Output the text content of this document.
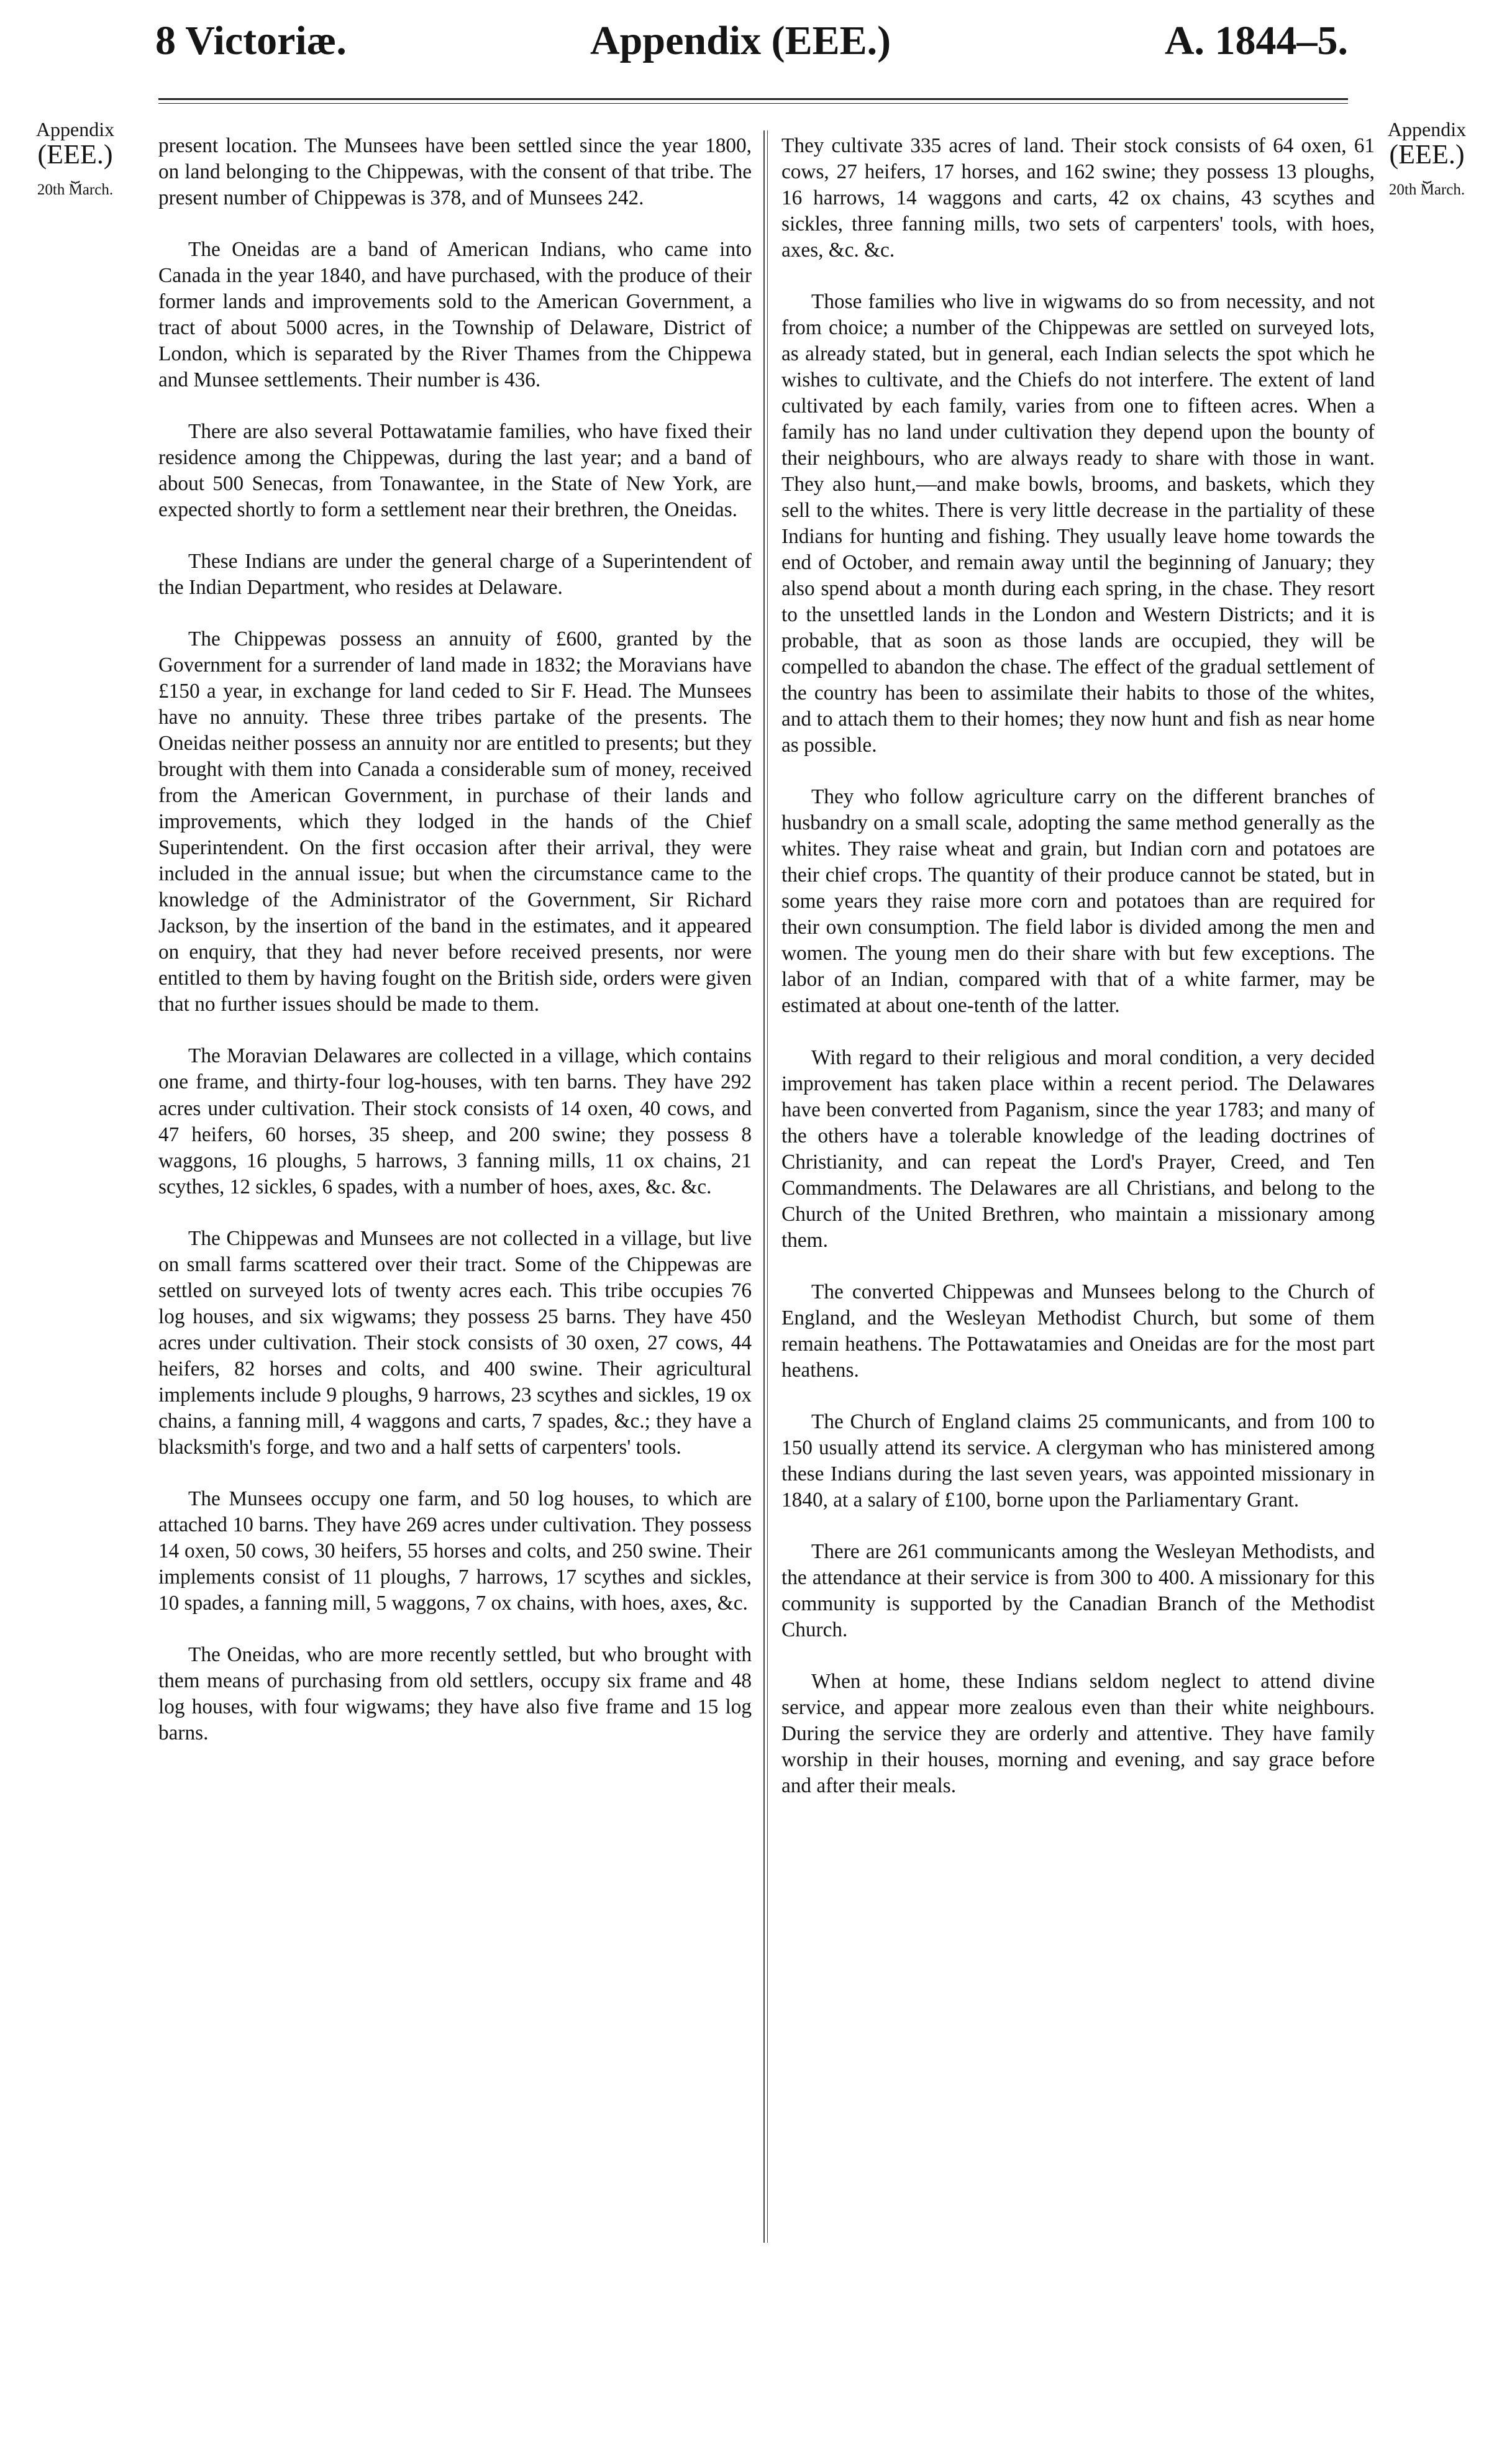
8 Victoriæ.	Appendix (EEE.)	A. 1844–5.
Appendix
(EEE.)
⏟
20th March.
Appendix
(EEE.)
⏟
20th March.

present location. The Munsees have been settled since the year 1800, on land belonging to the Chippewas, with the consent of that tribe. The present number of Chippewas is 378, and of Munsees 242.

The Oneidas are a band of American Indians, who came into Canada in the year 1840, and have purchased, with the produce of their former lands and improvements sold to the American Government, a tract of about 5000 acres, in the Township of Delaware, District of London, which is separated by the River Thames from the Chippewa and Munsee settlements. Their number is 436.

There are also several Pottawatamie families, who have fixed their residence among the Chippewas, during the last year; and a band of about 500 Senecas, from Tonawantee, in the State of New York, are expected shortly to form a settlement near their brethren, the Oneidas.

These Indians are under the general charge of a Superintendent of the Indian Department, who resides at Delaware.

The Chippewas possess an annuity of £600, granted by the Government for a surrender of land made in 1832; the Moravians have £150 a year, in exchange for land ceded to Sir F. Head. The Munsees have no annuity. These three tribes partake of the presents. The Oneidas neither possess an annuity nor are entitled to presents; but they brought with them into Canada a considerable sum of money, received from the American Government, in purchase of their lands and improvements, which they lodged in the hands of the Chief Superintendent. On the first occasion after their arrival, they were included in the annual issue; but when the circumstance came to the knowledge of the Administrator of the Government, Sir Richard Jackson, by the insertion of the band in the estimates, and it appeared on enquiry, that they had never before received presents, nor were entitled to them by having fought on the British side, orders were given that no further issues should be made to them.

The Moravian Delawares are collected in a village, which contains one frame, and thirty-four log-houses, with ten barns. They have 292 acres under cultivation. Their stock consists of 14 oxen, 40 cows, and 47 heifers, 60 horses, 35 sheep, and 200 swine; they possess 8 waggons, 16 ploughs, 5 harrows, 3 fanning mills, 11 ox chains, 21 scythes, 12 sickles, 6 spades, with a number of hoes, axes, &c. &c.

The Chippewas and Munsees are not collected in a village, but live on small farms scattered over their tract. Some of the Chippewas are settled on surveyed lots of twenty acres each. This tribe occupies 76 log houses, and six wigwams; they possess 25 barns. They have 450 acres under cultivation. Their stock consists of 30 oxen, 27 cows, 44 heifers, 82 horses and colts, and 400 swine. Their agricultural implements include 9 ploughs, 9 harrows, 23 scythes and sickles, 19 ox chains, a fanning mill, 4 waggons and carts, 7 spades, &c.; they have a blacksmith's forge, and two and a half setts of carpenters' tools.

The Munsees occupy one farm, and 50 log houses, to which are attached 10 barns. They have 269 acres under cultivation. They possess 14 oxen, 50 cows, 30 heifers, 55 horses and colts, and 250 swine. Their implements consist of 11 ploughs, 7 harrows, 17 scythes and sickles, 10 spades, a fanning mill, 5 waggons, 7 ox chains, with hoes, axes, &c.

The Oneidas, who are more recently settled, but who brought with them means of purchasing from old settlers, occupy six frame and 48 log houses, with four wigwams; they have also five frame and 15 log barns.

They cultivate 335 acres of land. Their stock consists of 64 oxen, 61 cows, 27 heifers, 17 horses, and 162 swine; they possess 13 ploughs, 16 harrows, 14 waggons and carts, 42 ox chains, 43 scythes and sickles, three fanning mills, two sets of carpenters' tools, with hoes, axes, &c. &c.

Those families who live in wigwams do so from necessity, and not from choice; a number of the Chippewas are settled on surveyed lots, as already stated, but in general, each Indian selects the spot which he wishes to cultivate, and the Chiefs do not interfere. The extent of land cultivated by each family, varies from one to fifteen acres. When a family has no land under cultivation they depend upon the bounty of their neighbours, who are always ready to share with those in want. They also hunt,—and make bowls, brooms, and baskets, which they sell to the whites. There is very little decrease in the partiality of these Indians for hunting and fishing. They usually leave home towards the end of October, and remain away until the beginning of January; they also spend about a month during each spring, in the chase. They resort to the unsettled lands in the London and Western Districts; and it is probable, that as soon as those lands are occupied, they will be compelled to abandon the chase. The effect of the gradual settlement of the country has been to assimilate their habits to those of the whites, and to attach them to their homes; they now hunt and fish as near home as possible.

They who follow agriculture carry on the different branches of husbandry on a small scale, adopting the same method generally as the whites. They raise wheat and grain, but Indian corn and potatoes are their chief crops. The quantity of their produce cannot be stated, but in some years they raise more corn and potatoes than are required for their own consumption. The field labor is divided among the men and women. The young men do their share with but few exceptions. The labor of an Indian, compared with that of a white farmer, may be estimated at about one-tenth of the latter.

With regard to their religious and moral condition, a very decided improvement has taken place within a recent period. The Delawares have been converted from Paganism, since the year 1783; and many of the others have a tolerable knowledge of the leading doctrines of Christianity, and can repeat the Lord's Prayer, Creed, and Ten Commandments. The Delawares are all Christians, and belong to the Church of the United Brethren, who maintain a missionary among them.

The converted Chippewas and Munsees belong to the Church of England, and the Wesleyan Methodist Church, but some of them remain heathens. The Pottawatamies and Oneidas are for the most part heathens.

The Church of England claims 25 communicants, and from 100 to 150 usually attend its service. A clergyman who has ministered among these Indians during the last seven years, was appointed missionary in 1840, at a salary of £100, borne upon the Parliamentary Grant.

There are 261 communicants among the Wesleyan Methodists, and the attendance at their service is from 300 to 400. A missionary for this community is supported by the Canadian Branch of the Methodist Church.

When at home, these Indians seldom neglect to attend divine service, and appear more zealous even than their white neighbours. During the service they are orderly and attentive. They have family worship in their houses, morning and evening, and say grace before and after their meals.
